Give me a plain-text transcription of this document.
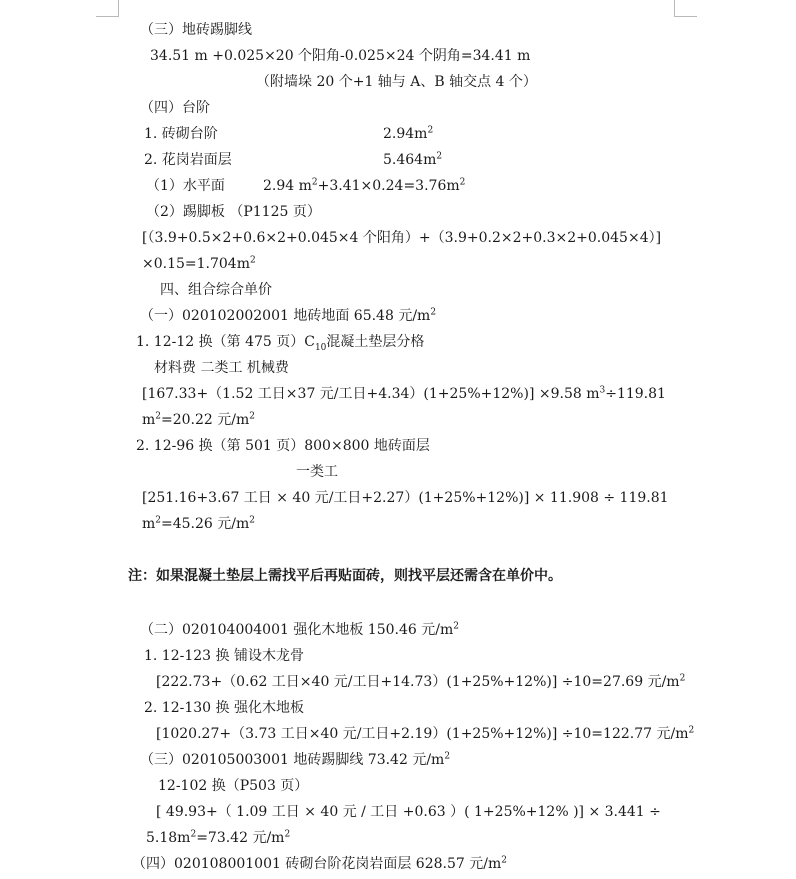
（三）地砖踢脚线
34.51 m +0.025×20 个阳角-0.025×24 个阴角=34.41 m
（附墙垛 20 个+1 轴与 A、B 轴交点 4 个）
（四）台阶
1. 砖砌台阶	$2.94m^2$
2. 花岗岩面层	$5.464m^2$
（1）水平面	2.94 $m^2+3.41\times 0.24=3.76m^2$
（2）踢脚板 （P1125 页）
[（3.9+0.5×2+0.6×2+0.045×4 个阳角）+（3.9+0.2×2+0.3×2+0.045×4）]
$\times 0.15=1.704m^2$
四、组合综合单价
（一）020102002001 地砖地面 65.48 元$/m^2$
1. 12-12 换（第 475 页）$C_{10}$混凝土垫层分格
材料费 二类工 机械费
[167.33+（1.52 工日×37 元/工日+4.34）(1+25%+12%)] ×9.58 $m^3\div 119.81$
$m^2=20.22$ 元$/m^2$
2. 12-96 换（第 501 页）800×800 地砖面层
一类工
[251.16+3.67 工日 × 40 元/工日+2.27）(1+25%+12%)] × 11.908 ÷ 119.81
$m^2=45.26$ 元$/m^2$
注：如果混凝土垫层上需找平后再贴面砖，则找平层还需含在单价中。
（二）020104004001 强化木地板 150.46 元$/m^2$
1. 12-123 换 铺设木龙骨
[222.73+（0.62 工日×40 元/工日+14.73）(1+25%+12%)] ÷10=27.69 元$/m^2$
2. 12-130 换 强化木地板
[1020.27+（3.73 工日×40 元/工日+2.19）(1+25%+12%)] ÷10=122.77 元$/m^2$
（三）020105003001 地砖踢脚线 73.42 元$/m^2$
12-102 换（P503 页）
[ 49.93+（ 1.09 工日 × 40 元 / 工日 +0.63 ）( 1+25%+12% )] × 3.441 ÷
$5.18m^2=73.42$ 元$/m^2$
（四）020108001001 砖砌台阶花岗岩面层 628.57 元$/m^2$
